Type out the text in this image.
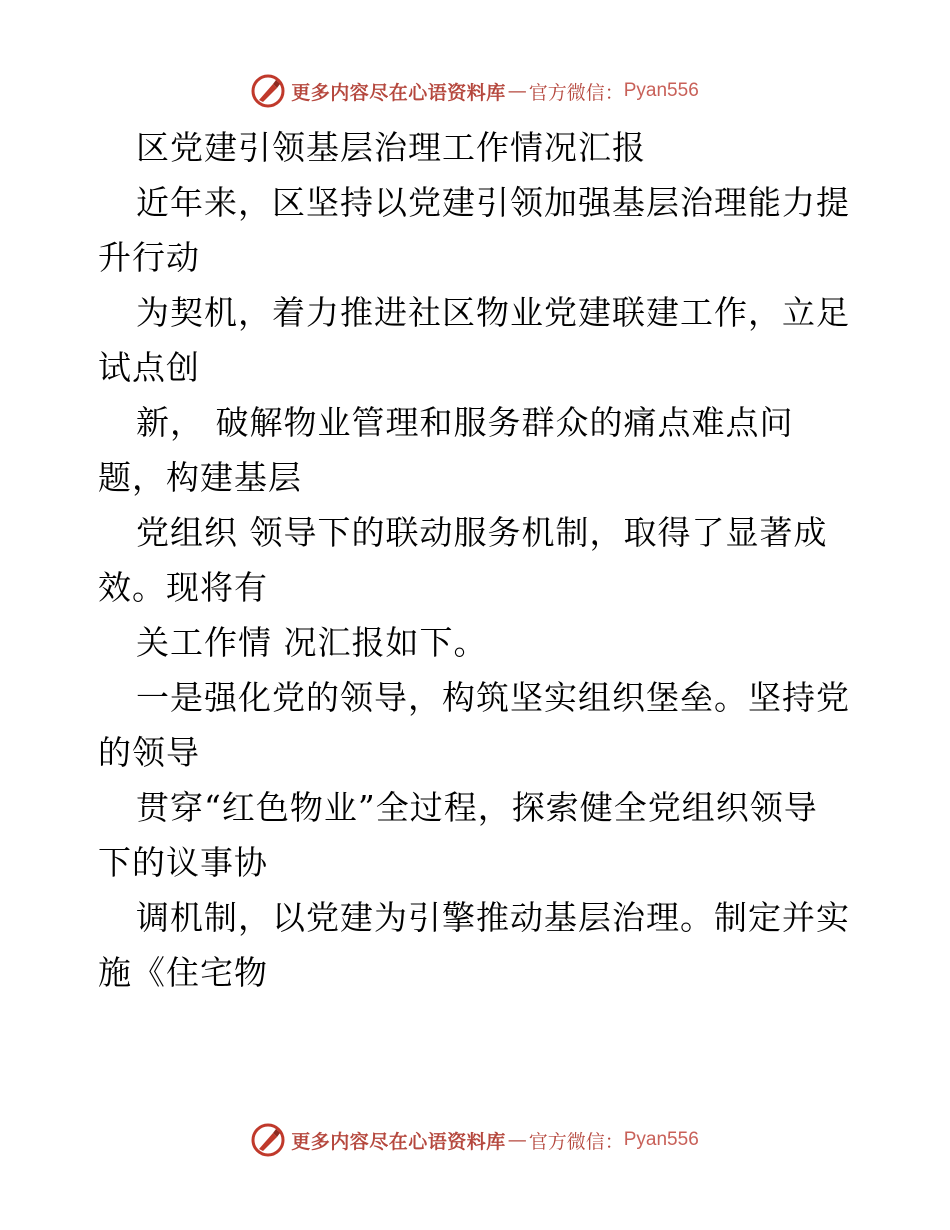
更多内容尽在心语资料库 — 官方微信： Pyan556
区党建引领基层治理工作情况汇报
近年来，区坚持以党建引领加强基层治理能力提
升行动
为契机，着力推进社区物业党建联建工作，立足
试点创
新， 破解物业管理和服务群众的痛点难点问
题，构建基层
党组织 领导下的联动服务机制，取得了显著成
效。现将有
关工作情 况汇报如下。
一是强化党的领导，构筑坚实组织堡垒。坚持党
的领导
贯穿“红色物业”全过程，探索健全党组织领导
下的议事协
调机制，以党建为引擎推动基层治理。制定并实
施《住宅物
更多内容尽在心语资料库 — 官方微信： Pyan556
